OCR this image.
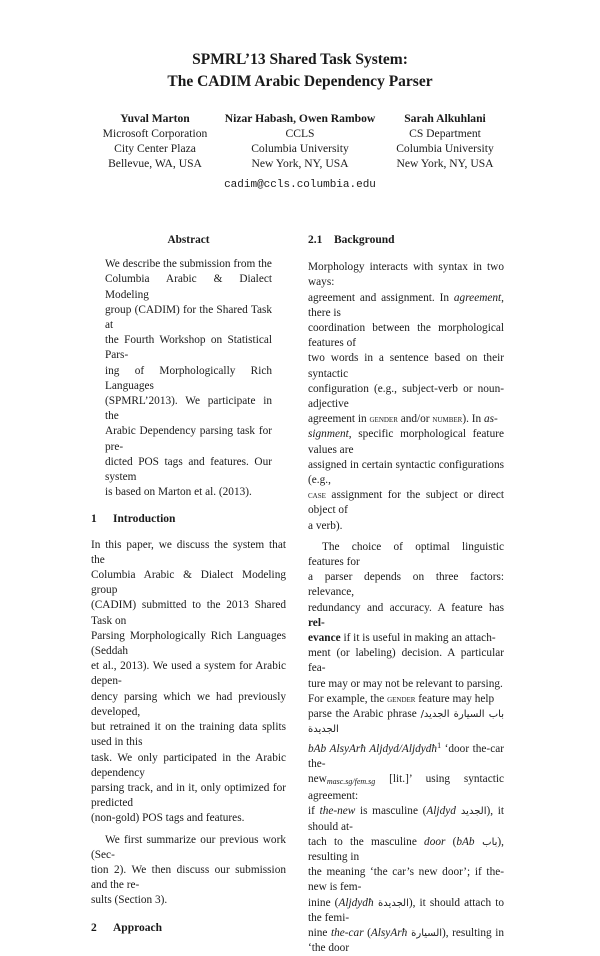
SPMRL’13 Shared Task System:
The CADIM Arabic Dependency Parser
Yuval Marton
Microsoft Corporation
City Center Plaza
Bellevue, WA, USA
Nizar Habash, Owen Rambow
CCLS
Columbia University
New York, NY, USA
Sarah Alkuhlani
CS Department
Columbia University
New York, NY, USA
cadim@ccls.columbia.edu

Abstract

We describe the submission from the

Columbia Arabic & Dialect Modeling

group (CADIM) for the Shared Task at

the Fourth Workshop on Statistical Pars-

ing of Morphologically Rich Languages

(SPMRL’2013). We participate in the

Arabic Dependency parsing task for pre-

dicted POS tags and features. Our system

is based on Marton et al. (2013).

1 Introduction

In this paper, we discuss the system that the

Columbia Arabic & Dialect Modeling group

(CADIM) submitted to the 2013 Shared Task on

Parsing Morphologically Rich Languages (Seddah

et al., 2013). We used a system for Arabic depen-

dency parsing which we had previously developed,

but retrained it on the training data splits used in this

task. We only participated in the Arabic dependency

parsing track, and in it, only optimized for predicted

(non-gold) POS tags and features.

We first summarize our previous work (Sec-

tion 2). We then discuss our submission and the re-

sults (Section 3).

2 Approach

2.1 Background

Morphology interacts with syntax in two ways:

agreement and assignment. In agreement, there is

coordination between the morphological features of

two words in a sentence based on their syntactic

configuration (e.g., subject-verb or noun-adjective

agreement in gender and/or number). In as-

signment, specific morphological feature values are

assigned in certain syntactic configurations (e.g.,

case assignment for the subject or direct object of

a verb).

The choice of optimal linguistic features for

a parser depends on three factors: relevance,

redundancy and accuracy. A feature has rel-

evance if it is useful in making an attach-

ment (or labeling) decision. A particular fea-

ture may or may not be relevant to parsing.

For example, the gender feature may help

parse the Arabic phrase باب السيارة الجديد/الجديدة

bAb AlsyArħ Aljdyd/Aljdydħ$^1$ ‘door the-car the-

new$_{masc.sg/fem.sg}$ [lit.]’ using syntactic agreement:

if the-new is masculine (Aljdyd الجديد), it should at-

tach to the masculine door (bAb باب), resulting in

the meaning ‘the car’s new door’; if the-new is fem-

inine (Aljdydħ الجديدة), it should attach to the femi-

nine the-car (AlsyArħ السيارة), resulting in ‘the door
